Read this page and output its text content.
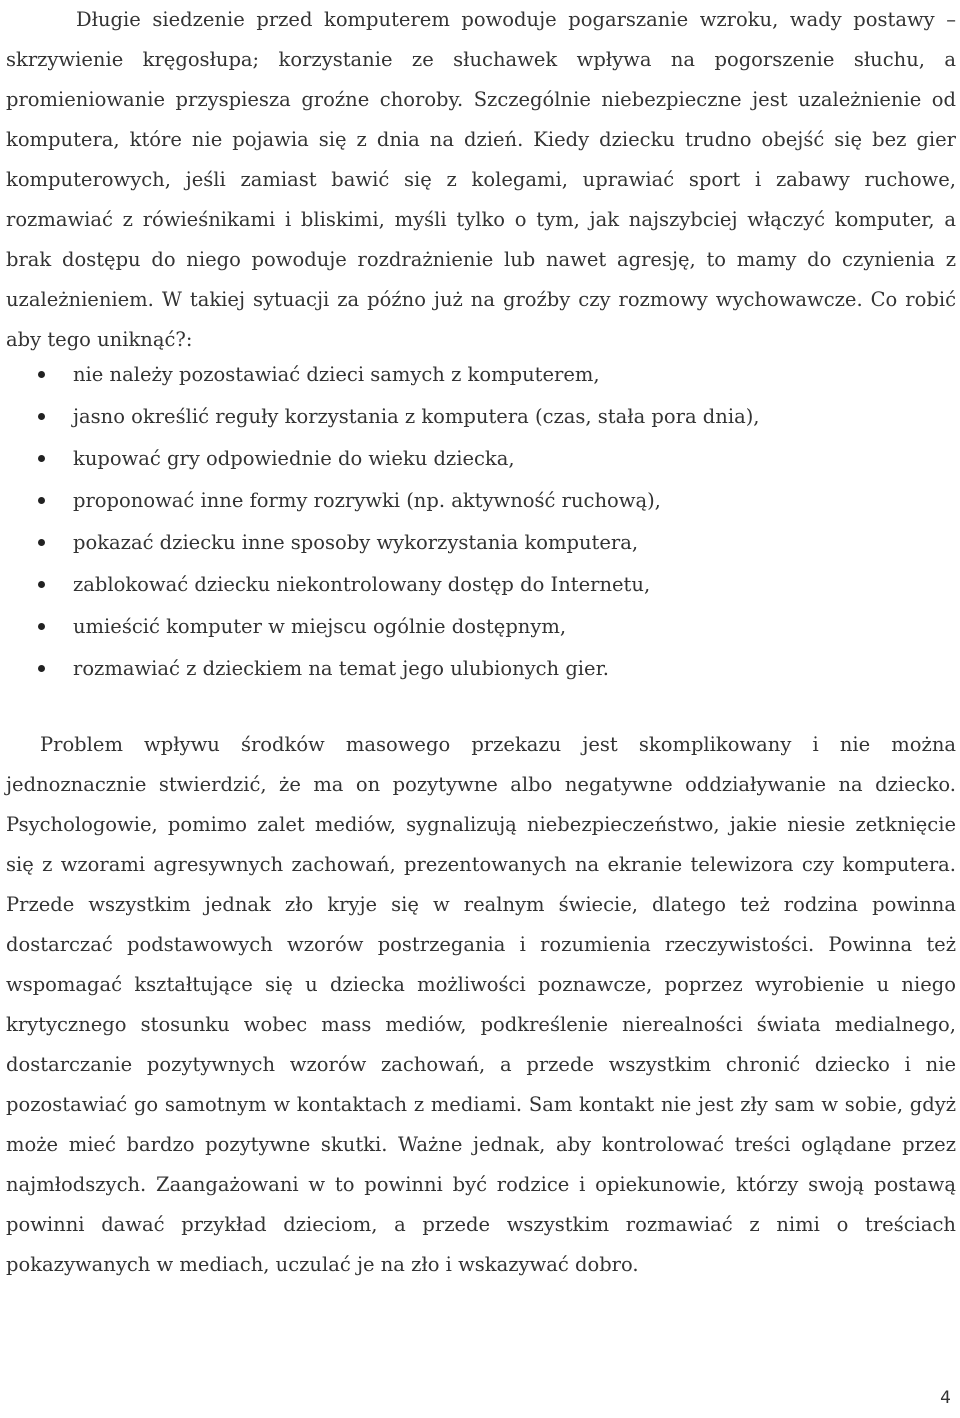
Długie siedzenie przed komputerem powoduje pogarszanie wzroku, wady postawy – skrzywienie kręgosłupa; korzystanie ze słuchawek wpływa na pogorszenie słuchu, a promieniowanie przyspiesza groźne choroby. Szczególnie niebezpieczne jest uzależnienie od komputera, które nie pojawia się z dnia na dzień. Kiedy dziecku trudno obejść się bez gier komputerowych, jeśli zamiast bawić się z kolegami, uprawiać sport i zabawy ruchowe, rozmawiać z rówieśnikami i bliskimi, myśli tylko o tym, jak najszybciej włączyć komputer, a brak dostępu do niego powoduje rozdrażnienie lub nawet agresję, to mamy do czynienia z uzależnieniem. W takiej sytuacji za późno już na groźby czy rozmowy wychowawcze. Co robić aby tego uniknąć?:

nie należy pozostawiać dzieci samych z komputerem,
jasno określić reguły korzystania z komputera (czas, stała pora dnia),
kupować gry odpowiednie do wieku dziecka,
proponować inne formy rozrywki (np. aktywność ruchową),
pokazać dziecku inne sposoby wykorzystania komputera,
zablokować dziecku niekontrolowany dostęp do Internetu,
umieścić komputer w miejscu ogólnie dostępnym,
rozmawiać z dzieckiem na temat jego ulubionych gier.

Problem wpływu środków masowego przekazu jest skomplikowany i nie można jednoznacznie stwierdzić, że ma on pozytywne albo negatywne oddziaływanie na dziecko. Psychologowie, pomimo zalet mediów, sygnalizują niebezpieczeństwo, jakie niesie zetknięcie się z wzorami agresywnych zachowań, prezentowanych na ekranie telewizora czy komputera. Przede wszystkim jednak zło kryje się w realnym świecie, dlatego też rodzina powinna dostarczać podstawowych wzorów postrzegania i rozumienia rzeczywistości. Powinna też wspomagać kształtujące się u dziecka możliwości poznawcze, poprzez wyrobienie u niego krytycznego stosunku wobec mass mediów, podkreślenie nierealności świata medialnego, dostarczanie pozytywnych wzorów zachowań, a przede wszystkim chronić dziecko i nie pozostawiać go samotnym w kontaktach z mediami. Sam kontakt nie jest zły sam w sobie, gdyż może mieć bardzo pozytywne skutki. Ważne jednak, aby kontrolować treści oglądane przez najmłodszych. Zaangażowani w to powinni być rodzice i opiekunowie, którzy swoją postawą powinni dawać przykład dzieciom, a przede wszystkim rozmawiać z nimi o treściach pokazywanych w mediach, uczulać je na zło i wskazywać dobro.

4
